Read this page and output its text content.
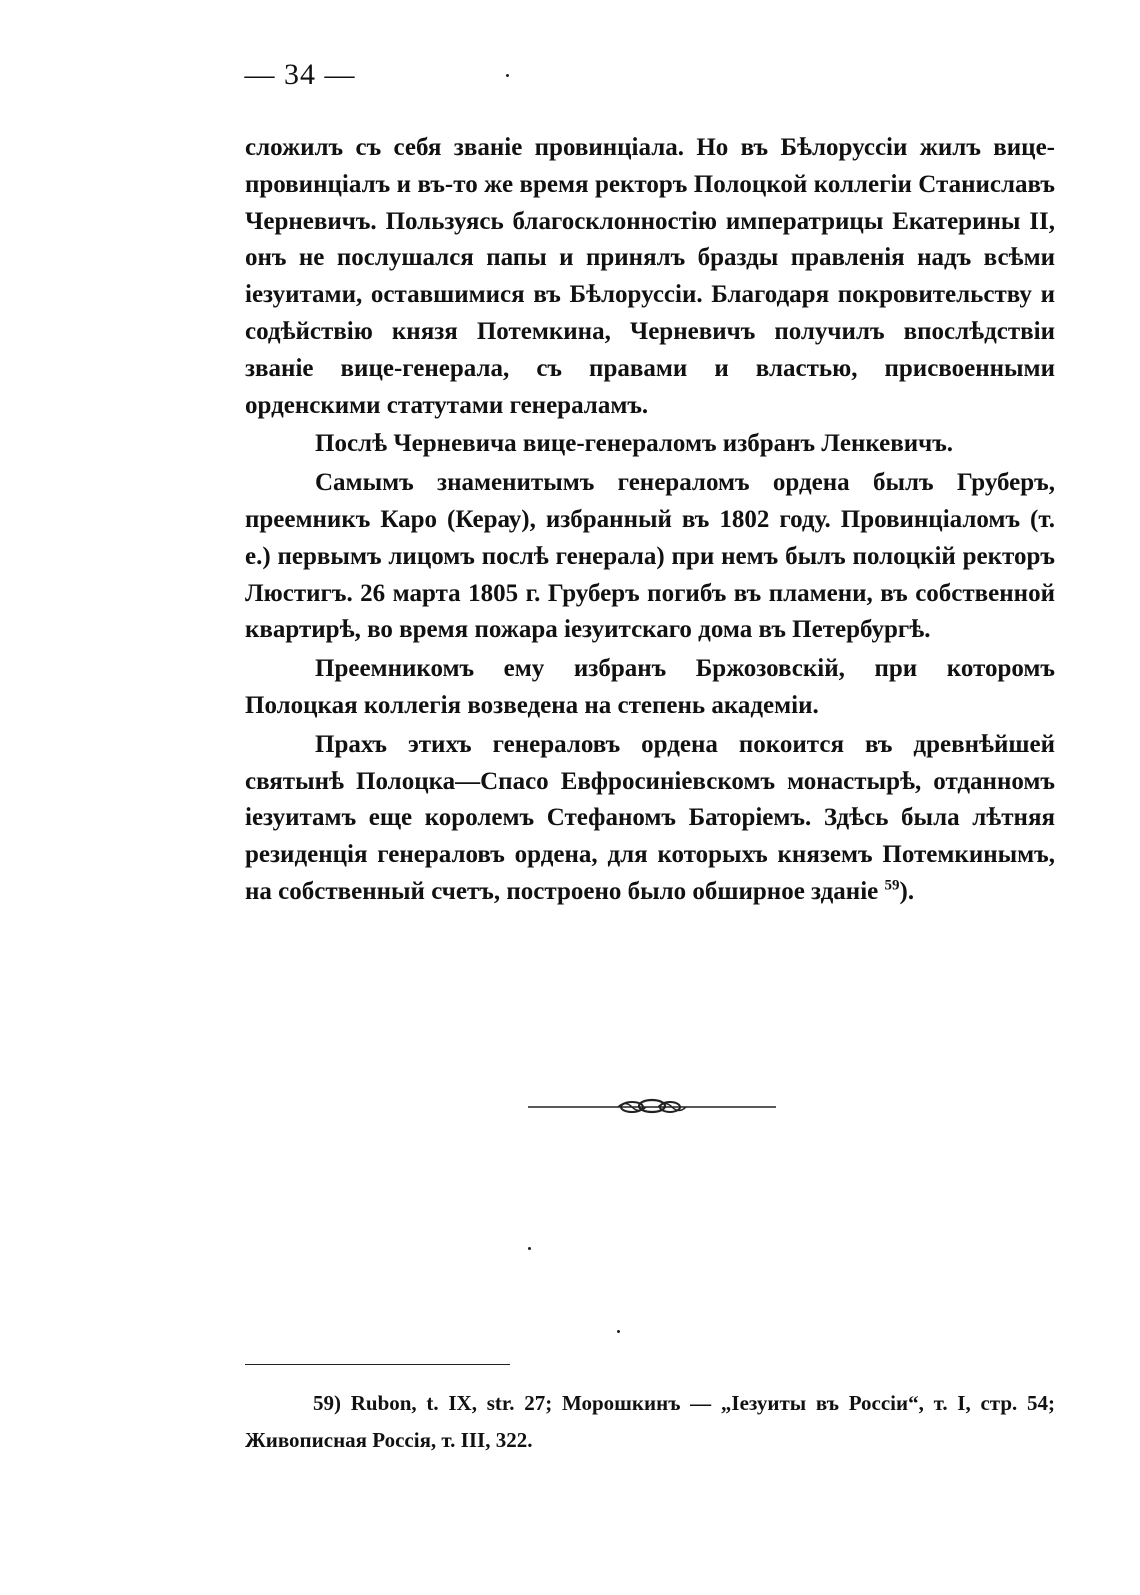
— 34 —

сложилъ съ себя званіе провинціала. Но въ Бѣлоруссіи жилъ вице-провинціалъ и въ-то же время ректоръ Полоцкой коллегіи Станиславъ Черневичъ. Пользуясь благосклонностію императрицы Екатерины II, онъ не послушался папы и принялъ бразды правленія надъ всѣми іезуитами, оставшимися въ Бѣлоруссіи. Благодаря покровительству и содѣйствію князя Потемкина, Черневичъ получилъ впослѣдствіи званіе вице-генерала, съ правами и властью, присвоенными орденскими статутами генераламъ.

Послѣ Черневича вице-генераломъ избранъ Ленкевичъ.

Самымъ знаменитымъ генераломъ ордена былъ Груберъ, преемникъ Каро (Керау), избранный въ 1802 году. Провинціаломъ (т. е.) первымъ лицомъ послѣ генерала) при немъ былъ полоцкій ректоръ Люстигъ. 26 марта 1805 г. Груберъ погибъ въ пламени, въ собственной квартирѣ, во время пожара іезуитскаго дома въ Петербургѣ.

Преемникомъ ему избранъ Бржозовскій, при которомъ Полоцкая коллегія возведена на степень академіи.

Прахъ этихъ генераловъ ордена покоится въ древнѣйшей святынѣ Полоцка—Спасо Евфросиніевскомъ монастырѣ, отданномъ іезуитамъ еще королемъ Стефаномъ Баторіемъ. Здѣсь была лѣтняя резиденція генераловъ ордена, для которыхъ княземъ Потемкинымъ, на собственный счетъ, построено было обширное зданіе $^{59}$).

59) Rubon, t. IX, str. 27; Морошкинъ — „Іезуиты въ Россіи“, т. I, стр. 54; Живописная Россія, т. III, 322.
